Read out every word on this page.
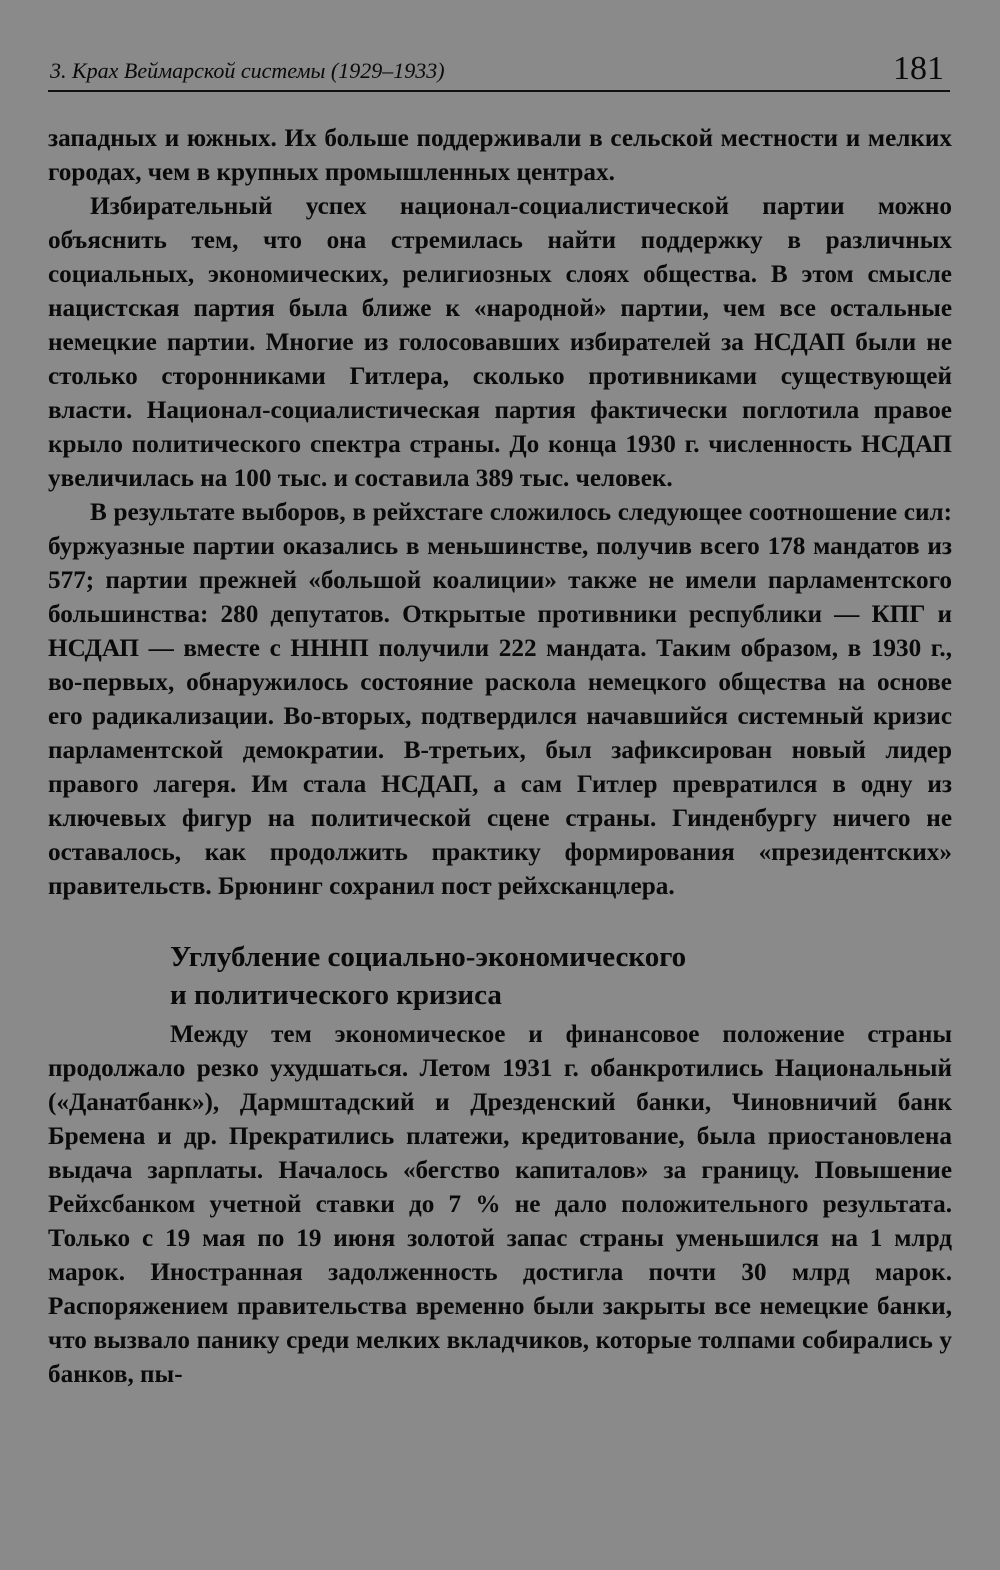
3. Крах Веймарской системы (1929–1933)	181

западных и южных. Их больше поддерживали в сельской местности и мелких городах, чем в крупных промышленных центрах.

Избирательный успех национал-социалистической партии можно объяснить тем, что она стремилась найти поддержку в различных социальных, экономических, религиозных слоях общества. В этом смысле нацистская партия была ближе к «народной» партии, чем все остальные немецкие партии. Многие из голосовавших избирателей за НСДАП были не столько сторонниками Гитлера, сколько противниками существующей власти. Национал-социалистическая партия фактически поглотила правое крыло политического спектра страны. До конца 1930 г. численность НСДАП увеличилась на 100 тыс. и составила 389 тыс. человек.

В результате выборов, в рейхстаге сложилось следующее соотношение сил: буржуазные партии оказались в меньшинстве, получив всего 178 мандатов из 577; партии прежней «большой коалиции» также не имели парламентского большинства: 280 депутатов. Открытые противники республики — КПГ и НСДАП — вместе с НННП получили 222 мандата. Таким образом, в 1930 г., во-первых, обнаружилось состояние раскола немецкого общества на основе его радикализации. Во-вторых, подтвердился начавшийся системный кризис парламентской демократии. В-третьих, был зафиксирован новый лидер правого лагеря. Им стала НСДАП, а сам Гитлер превратился в одну из ключевых фигур на политической сцене страны. Гинденбургу ничего не оставалось, как продолжить практику формирования «президентских» правительств. Брюнинг сохранил пост рейхсканцлера.

Углубление социально-экономического
и политического кризиса

Между тем экономическое и финансовое положение страны продолжало резко ухудшаться. Летом 1931 г. обанкротились Национальный («Данатбанк»), Дармштадский и Дрезденский банки, Чиновничий банк Бремена и др. Прекратились платежи, кредитование, была приостановлена выдача зарплаты. Началось «бегство капиталов» за границу. Повышение Рейхсбанком учетной ставки до 7 % не дало положительного результата. Только с 19 мая по 19 июня золотой запас страны уменьшился на 1 млрд марок. Иностранная задолженность достигла почти 30 млрд марок. Распоряжением правительства временно были закрыты все немецкие банки, что вызвало панику среди мелких вкладчиков, которые толпами собирались у банков, пы-
